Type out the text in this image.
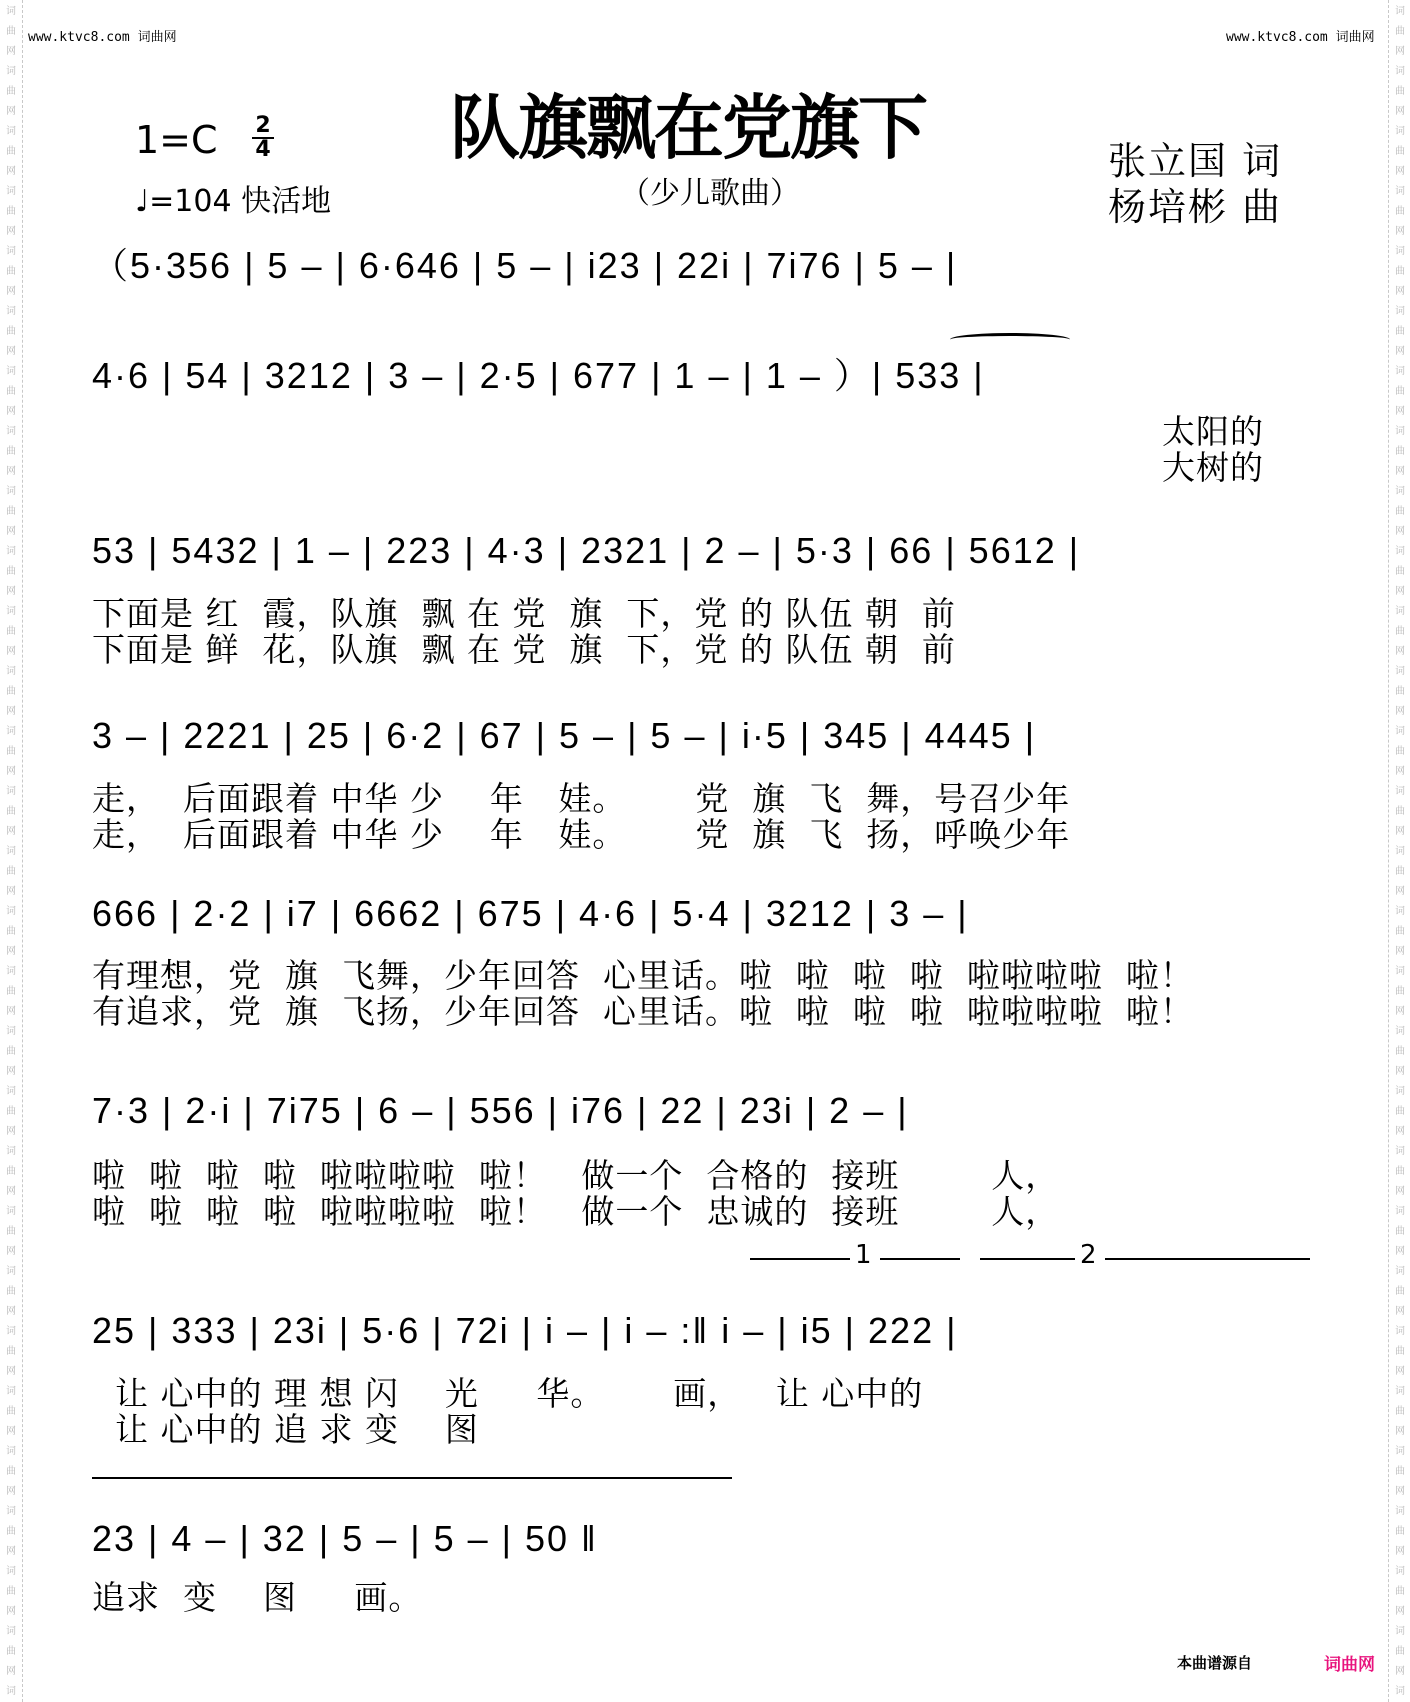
词
曲
网
词
曲
网
词
曲
网
词
曲
网
词
曲
网
词
曲
网
词
曲
网
词
曲
网
词
曲
网
词
曲
网
词
曲
网
词
曲
网
词
曲
网
词
曲
网
词
曲
网
词
曲
网
词
曲
网
词
曲
网
词
曲
网
词
曲
网
词
曲
网
词
曲
网
词
曲
网
词
曲
网
词
曲
网
词
曲
网
词
曲
网
词
曲
网
词
词
曲
网
词
曲
网
词
曲
网
词
曲
网
词
曲
网
词
曲
网
词
曲
网
词
曲
网
词
曲
网
词
曲
网
词
曲
网
词
曲
网
词
曲
网
词
曲
网
词
曲
网
词
曲
网
词
曲
网
词
曲
网
词
曲
网
词
曲
网
词
曲
网
词
曲
网
词
曲
网
词
曲
网
词
曲
网
词
曲
网
词
曲
网
词
曲
网
词
www.ktvc8.com 词曲网	www.ktvc8.com 词曲网
队旗飘在党旗下
（少儿歌曲）
1=C 2
4
♩=104 快活地
张立国 词
杨培彬 曲
（5·356 | 5 – | 6·646 | 5 – | i23 | 22i | 7i76 | 5 – |
4·6 | 54 | 3212 | 3 – | 2·5 | 677 | 1 – | 1 – ）| 533 |
太阳的
大树的
53 | 5432 | 1 – | 223 | 4·3 | 2321 | 2 – | 5·3 | 66 | 5612 |
下面是 红  霞，队旗  飘 在 党  旗  下，党 的 队伍 朝  前
下面是 鲜  花，队旗  飘 在 党  旗  下，党 的 队伍 朝  前
3 – | 2221 | 25 | 6·2 | 67 | 5 – | 5 – | i·5 | 345 | 4445 |
走，  后面跟着 中华 少    年   娃。      党  旗  飞  舞，号召少年
走，  后面跟着 中华 少    年   娃。      党  旗  飞  扬，呼唤少年
666 | 2·2 | i7 | 6662 | 675 | 4·6 | 5·4 | 3212 | 3 – |
有理想，党  旗  飞舞，少年回答  心里话。啦  啦  啦  啦  啦啦啦啦  啦！
有追求，党  旗  飞扬，少年回答  心里话。啦  啦  啦  啦  啦啦啦啦  啦！
7·3 | 2·i | 7i75 | 6 – | 556 | i76 | 22 | 23i | 2 – |
啦  啦  啦  啦  啦啦啦啦  啦！   做一个  合格的  接班        人，
啦  啦  啦  啦  啦啦啦啦  啦！   做一个  忠诚的  接班        人，
1	2
25 | 333 | 23i | 5·6 | 72i | i – | i – :‖ i – | i5 | 222 |
让 心中的 理 想 闪    光     华。      画，   让 心中的
让 心中的 追 求 变    图
23 | 4 – | 32 | 5 – | 5 – | 50 ‖
追求  变    图     画。
本曲谱源自	词曲网
